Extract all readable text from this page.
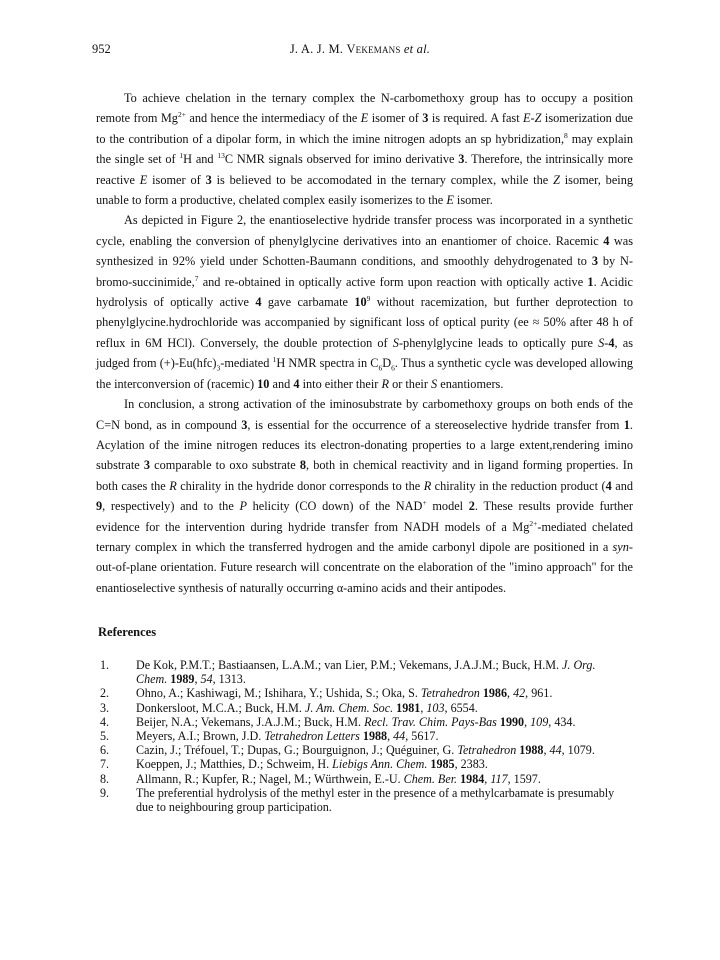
952	J. A. J. M. Vekemans et al.

To achieve chelation in the ternary complex the N-carbomethoxy group has to occupy a position remote from $Mg^{2+}$ and hence the intermediacy of the E isomer of 3 is required. A fast E-Z isomerization due to the contribution of a dipolar form, in which the imine nitrogen adopts an sp hybridization,$^8$ may explain the single set of $^1$H and $^{13}$C NMR signals observed for imino derivative 3. Therefore, the intrinsically more reactive E isomer of 3 is believed to be accomodated in the ternary complex, while the Z isomer, being unable to form a productive, chelated complex easily isomerizes to the E isomer.

As depicted in Figure 2, the enantioselective hydride transfer process was incorporated in a synthetic cycle, enabling the conversion of phenylglycine derivatives into an enantiomer of choice. Racemic 4 was synthesized in 92% yield under Schotten-Baumann conditions, and smoothly dehydrogenated to 3 by N-bromo-succinimide,$^7$ and re-obtained in optically active form upon reaction with optically active 1. Acidic hydrolysis of optically active 4 gave carbamate $10^9$ without racemization, but further deprotection to phenylglycine.hydrochloride was accompanied by significant loss of optical purity (ee ≈ 50% after 48 h of reflux in 6M HCl). Conversely, the double protection of S-phenylglycine leads to optically pure S-4, as judged from $(+)-Eu(hfc)_3$-mediated $^1$H NMR spectra in $C_6D_6$. Thus a synthetic cycle was developed allowing the interconversion of (racemic) 10 and 4 into either their R or their S enantiomers.

In conclusion, a strong activation of the iminosubstrate by carbomethoxy groups on both ends of the C=N bond, as in compound 3, is essential for the occurrence of a stereoselective hydride transfer from 1. Acylation of the imine nitrogen reduces its electron-donating properties to a large extent,rendering imino substrate 3 comparable to oxo substrate 8, both in chemical reactivity and in ligand forming properties. In both cases the R chirality in the hydride donor corresponds to the R chirality in the reduction product (4 and 9, respectively) and to the P helicity (CO down) of the NAD+ model 2. These results provide further evidence for the intervention during hydride transfer from NADH models of a $Mg^{2+}$-mediated chelated ternary complex in which the transferred hydrogen and the amide carbonyl dipole are positioned in a syn-out-of-plane orientation. Future research will concentrate on the elaboration of the "imino approach" for the enantioselective synthesis of naturally occurring α-amino acids and their antipodes.

References
1. De Kok, P.M.T.; Bastiaansen, L.A.M.; van Lier, P.M.; Vekemans, J.A.J.M.; Buck, H.M. J. Org. Chem. 1989, 54, 1313.
2. Ohno, A.; Kashiwagi, M.; Ishihara, Y.; Ushida, S.; Oka, S. Tetrahedron 1986, 42, 961.
3. Donkersloot, M.C.A.; Buck, H.M. J. Am. Chem. Soc. 1981, 103, 6554.
4. Beijer, N.A.; Vekemans, J.A.J.M.; Buck, H.M. Recl. Trav. Chim. Pays-Bas 1990, 109, 434.
5. Meyers, A.I.; Brown, J.D. Tetrahedron Letters 1988, 44, 5617.
6. Cazin, J.; Tréfouel, T.; Dupas, G.; Bourguignon, J.; Quéguiner, G. Tetrahedron 1988, 44, 1079.
7. Koeppen, J.; Matthies, D.; Schweim, H. Liebigs Ann. Chem. 1985, 2383.
8. Allmann, R.; Kupfer, R.; Nagel, M.; Würthwein, E.-U. Chem. Ber. 1984, 117, 1597.
9. The preferential hydrolysis of the methyl ester in the presence of a methylcarbamate is presumably due to neighbouring group participation.
